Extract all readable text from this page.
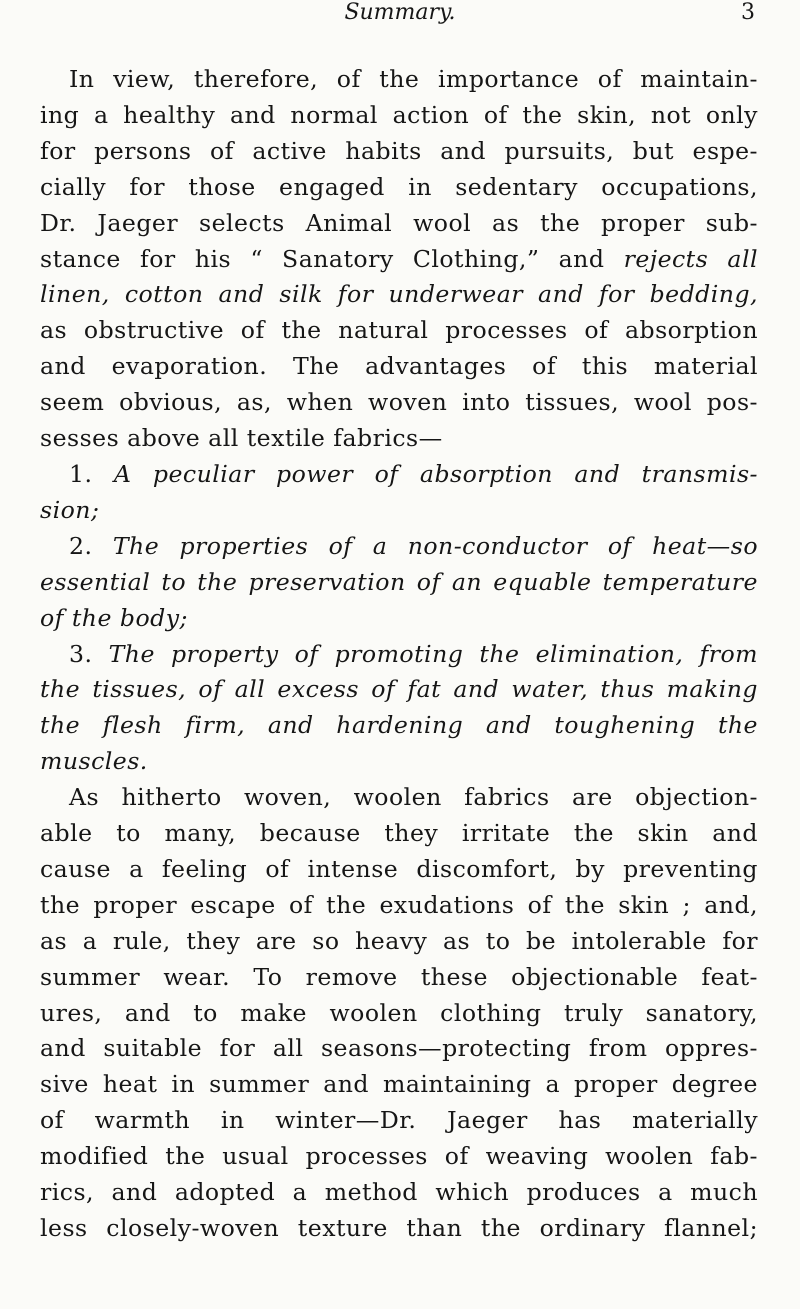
Summary.	3
In view, therefore, of the importance of maintain-
ing a healthy and normal action of the skin, not only
for persons of active habits and pursuits, but espe-
cially for those engaged in sedentary occupations,
Dr. Jaeger selects Animal wool as the proper sub-
stance for his “ Sanatory Clothing,” and rejects all
linen, cotton and silk for underwear and for bedding,
as obstructive of the natural processes of absorption
and evaporation. The advantages of this material
seem obvious, as, when woven into tissues, wool pos-
sesses above all textile fabrics—
1. A peculiar power of absorption and transmis-
sion;
2. The properties of a non-conductor of heat—so
essential to the preservation of an equable temperature
of the body;
3. The property of promoting the elimination, from
the tissues, of all excess of fat and water, thus making
the flesh firm, and hardening and toughening the
muscles.
As hitherto woven, woolen fabrics are objection-
able to many, because they irritate the skin and
cause a feeling of intense discomfort, by preventing
the proper escape of the exudations of the skin ; and,
as a rule, they are so heavy as to be intolerable for
summer wear. To remove these objectionable feat-
ures, and to make woolen clothing truly sanatory,
and suitable for all seasons—protecting from oppres-
sive heat in summer and maintaining a proper degree
of warmth in winter—Dr. Jaeger has materially
modified the usual processes of weaving woolen fab-
rics, and adopted a method which produces a much
less closely-woven texture than the ordinary flannel;
